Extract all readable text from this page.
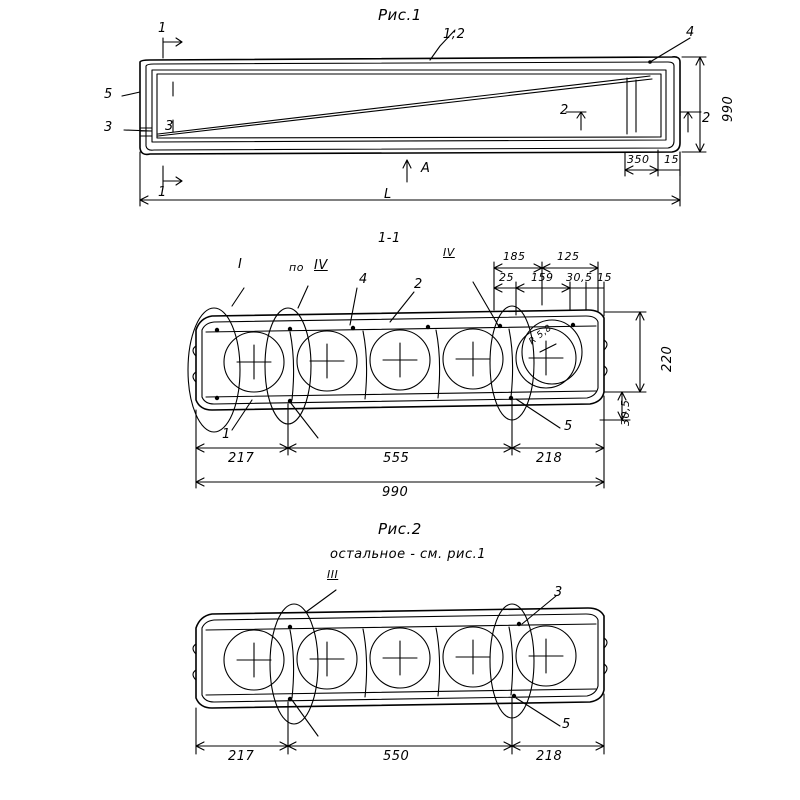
Рис.1
1;2	4
5
3	3
1
1
2
2
A
990
L
350 15
1-1
I	по IV
4	2
IV
1
5
R 5,8
185	125
25 159 30,5 15
220
30,5
217	555	218
990
Рис.2
остальное - см. рис.1
III
3
5
217	550	218
